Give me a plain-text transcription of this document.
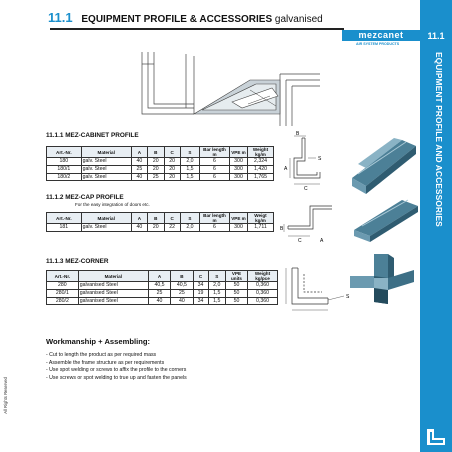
11.1 EQUIPMENT PROFILE & ACCESSORIES galvanised
mezcanet
AIR SYSTEM PRODUCTS
11.1
EQUIPMENT PROFILE AND ACCESSORIES
11.1.1 MEZ-CABINET PROFILE
Art.-Nr.	Material	A	B	C	S	Bar length m	VPE m	Weight kg/m
180	galv. Steel	40	20	20	2,0	6	300	2,324
180/1	galv. Steel	25	20	20	1,5	6	300	1,420
180/2	galv. Steel	40	25	20	1,5	6	300	1,765
B
A
C
S
11.1.2 MEZ-CAP PROFILE
For the easy integration of doors etc.
Art.-Nr.	Material	A	B	C	S	Bar length m	VPE m	Weigt kg/m
181	galv. Steel	40	20	22	2,0	6	300	1,711	B
C	A
11.1.3 MEZ-CORNER
Art.-Nr.	Material	A	B	C	S	VPE units	Weight kg/pce
280	galvanised Steel	40,5	40,5	34	2,0	50	0,360
280/1	galvanised Steel	25	25	19	1,5	50	0,360
280/2	galvanised Steel	40	40	34	1,5	50	0,360
S
Workmanship + Assembling:
- Cut to length the product as per required mass
- Assemble the frame structure as per requirements
- Use spot welding or screws to affix the profile to the corners
- Use screws or spot welding to true up and fasten the panels
All Rights Reserved
